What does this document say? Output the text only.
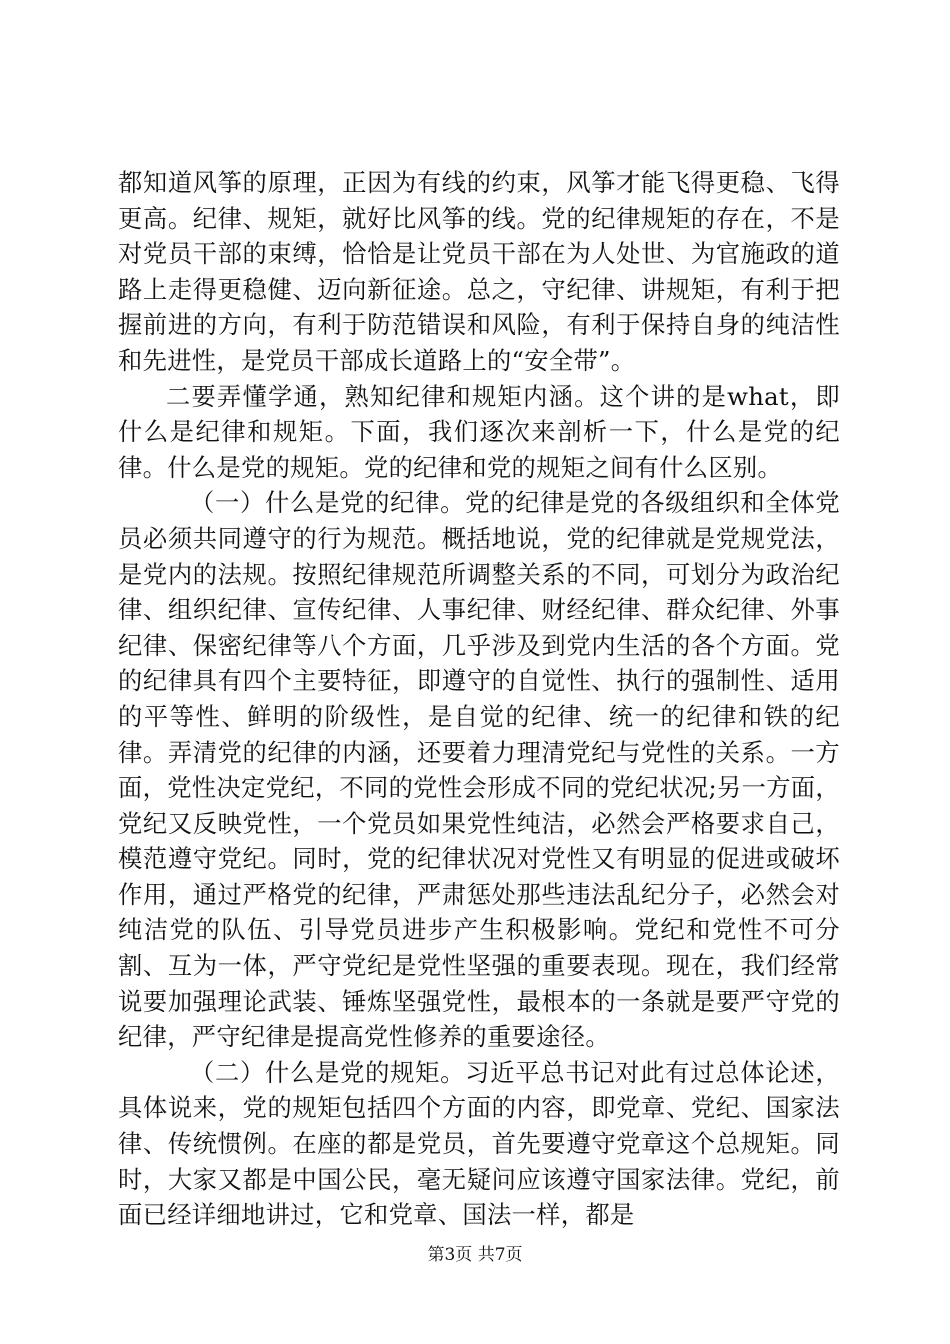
都知道风筝的原理，正因为有线的约束，风筝才能飞得更稳、飞得更高。纪律、规矩，就好比风筝的线。党的纪律规矩的存在，不是对党员干部的束缚，恰恰是让党员干部在为人处世、为官施政的道路上走得更稳健、迈向新征途。总之，守纪律、讲规矩，有利于把握前进的方向，有利于防范错误和风险，有利于保持自身的纯洁性和先进性，是党员干部成长道路上的“安全带”。

二要弄懂学通，熟知纪律和规矩内涵。这个讲的是what，即什么是纪律和规矩。下面，我们逐次来剖析一下，什么是党的纪律。什么是党的规矩。党的纪律和党的规矩之间有什么区别。

（一）什么是党的纪律。党的纪律是党的各级组织和全体党员必须共同遵守的行为规范。概括地说，党的纪律就是党规党法，是党内的法规。按照纪律规范所调整关系的不同，可划分为政治纪律、组织纪律、宣传纪律、人事纪律、财经纪律、群众纪律、外事纪律、保密纪律等八个方面，几乎涉及到党内生活的各个方面。党的纪律具有四个主要特征，即遵守的自觉性、执行的强制性、适用的平等性、鲜明的阶级性，是自觉的纪律、统一的纪律和铁的纪律。弄清党的纪律的内涵，还要着力理清党纪与党性的关系。一方面，党性决定党纪，不同的党性会形成不同的党纪状况;另一方面，党纪又反映党性，一个党员如果党性纯洁，必然会严格要求自己，模范遵守党纪。同时，党的纪律状况对党性又有明显的促进或破坏作用，通过严格党的纪律，严肃惩处那些违法乱纪分子，必然会对纯洁党的队伍、引导党员进步产生积极影响。党纪和党性不可分割、互为一体，严守党纪是党性坚强的重要表现。现在，我们经常说要加强理论武装、锤炼坚强党性，最根本的一条就是要严守党的纪律，严守纪律是提高党性修养的重要途径。

（二）什么是党的规矩。习近平总书记对此有过总体论述，具体说来，党的规矩包括四个方面的内容，即党章、党纪、国家法律、传统惯例。在座的都是党员，首先要遵守党章这个总规矩。同时，大家又都是中国公民，毫无疑问应该遵守国家法律。党纪，前面已经详细地讲过，它和党章、国法一样，都是

第3页 共7页
